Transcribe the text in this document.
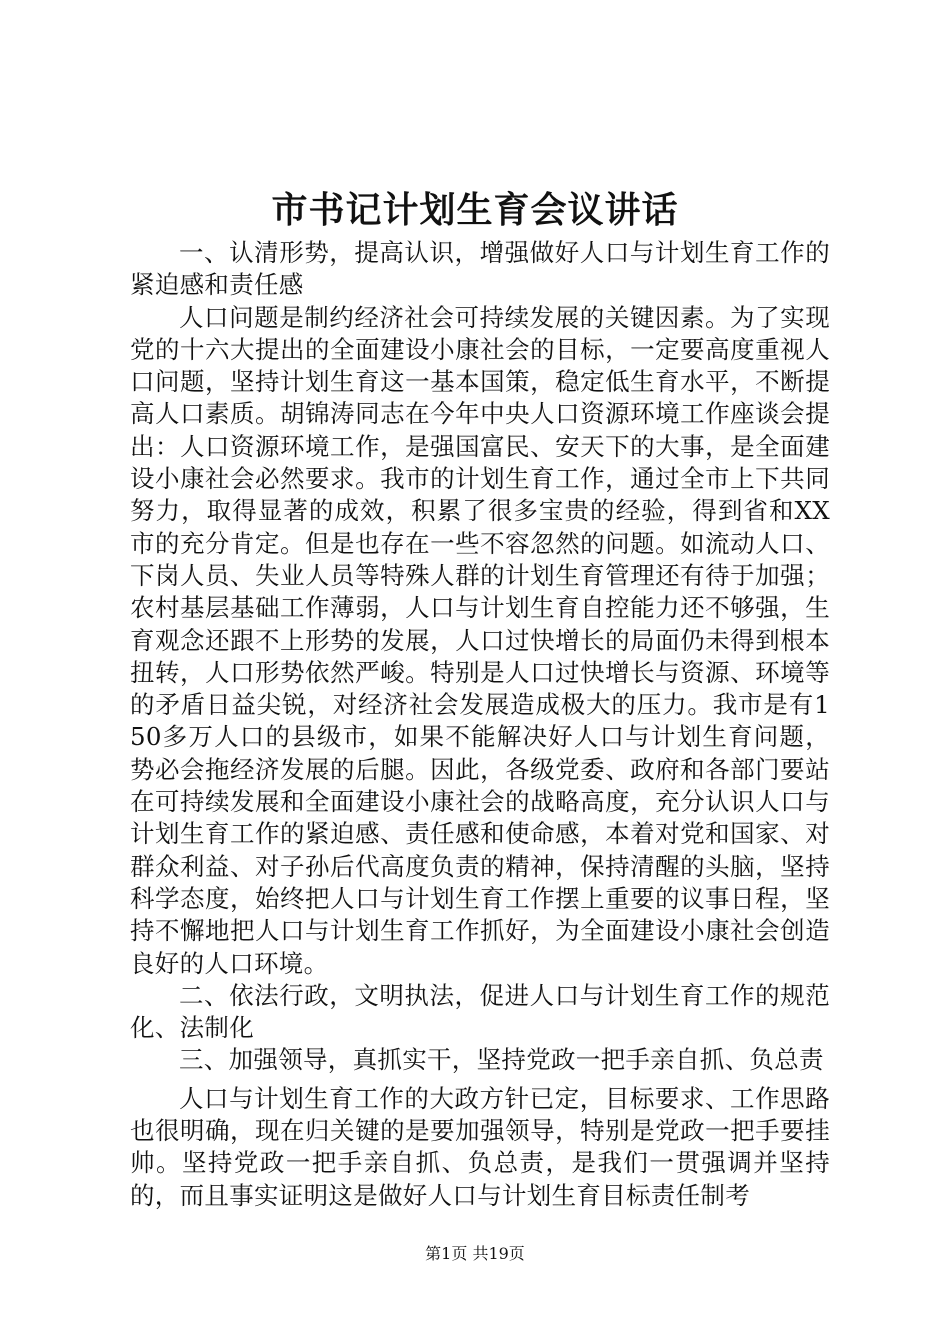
市书记计划生育会议讲话

一、认清形势，提高认识，增强做好人口与计划生育工作的紧迫感和责任感

人口问题是制约经济社会可持续发展的关键因素。为了实现党的十六大提出的全面建设小康社会的目标，一定要高度重视人口问题，坚持计划生育这一基本国策，稳定低生育水平，不断提高人口素质。胡锦涛同志在今年中央人口资源环境工作座谈会提出：人口资源环境工作，是强国富民、安天下的大事，是全面建设小康社会必然要求。我市的计划生育工作，通过全市上下共同努力，取得显著的成效，积累了很多宝贵的经验，得到省和XX市的充分肯定。但是也存在一些不容忽然的问题。如流动人口、下岗人员、失业人员等特殊人群的计划生育管理还有待于加强；农村基层基础工作薄弱，人口与计划生育自控能力还不够强，生育观念还跟不上形势的发展，人口过快增长的局面仍未得到根本扭转，人口形势依然严峻。特别是人口过快增长与资源、环境等的矛盾日益尖锐，对经济社会发展造成极大的压力。我市是有150多万人口的县级市，如果不能解决好人口与计划生育问题，势必会拖经济发展的后腿。因此，各级党委、政府和各部门要站在可持续发展和全面建设小康社会的战略高度，充分认识人口与计划生育工作的紧迫感、责任感和使命感，本着对党和国家、对群众利益、对子孙后代高度负责的精神，保持清醒的头脑，坚持科学态度，始终把人口与计划生育工作摆上重要的议事日程，坚持不懈地把人口与计划生育工作抓好，为全面建设小康社会创造良好的人口环境。

二、依法行政，文明执法，促进人口与计划生育工作的规范化、法制化

三、加强领导，真抓实干，坚持党政一把手亲自抓、负总责

人口与计划生育工作的大政方针已定，目标要求、工作思路也很明确，现在归关键的是要加强领导，特别是党政一把手要挂帅。坚持党政一把手亲自抓、负总责，是我们一贯强调并坚持的，而且事实证明这是做好人口与计划生育目标责任制考

第1页 共19页
